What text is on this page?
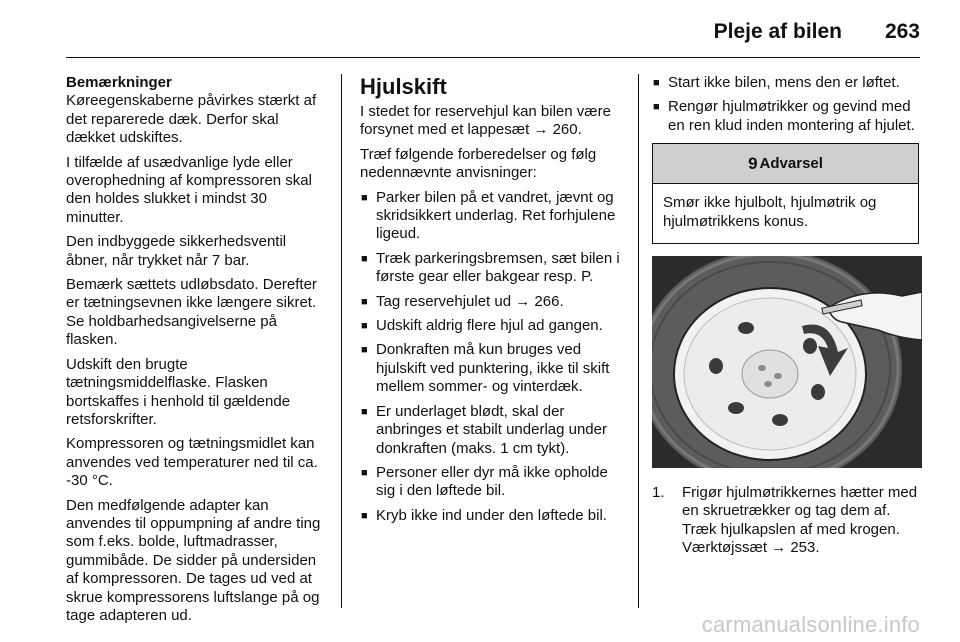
Pleje af bilen 263
Bemærkninger

Køreegenskaberne påvirkes stærkt af det reparerede dæk. Derfor skal dækket udskiftes.

I tilfælde af usædvanlige lyde eller overophedning af kompressoren skal den holdes slukket i mindst 30 minutter.

Den indbyggede sikkerhedsventil åbner, når trykket når 7 bar.

Bemærk sættets udløbsdato. Derefter er tætningsevnen ikke længere sikret. Se holdbarhedsangivelserne på flasken.

Udskift den brugte tætningsmiddelflaske. Flasken bortskaffes i henhold til gældende retsforskrifter.

Kompressoren og tætningsmidlet kan anvendes ved temperaturer ned til ca. -30 °C.

Den medfølgende adapter kan anvendes til oppumpning af andre ting som f.eks. bolde, luftmadrasser, gummibåde. De sidder på undersiden af kompressoren. De tages ud ved at skrue kompressorens luftslange på og tage adapteren ud.

Hjulskift

I stedet for reservehjul kan bilen være forsynet med et lappesæt → 260.

Træf følgende forberedelser og følg nedennævnte anvisninger:

■ Parker bilen på et vandret, jævnt og skridsikkert underlag. Ret forhjulene ligeud.
■ Træk parkeringsbremsen, sæt bilen i første gear eller bakgear resp. P.
■ Tag reservehjulet ud → 266.
■ Udskift aldrig flere hjul ad gangen.
■ Donkraften må kun bruges ved hjulskift ved punktering, ikke til skift mellem sommer- og vinterdæk.
■ Er underlaget blødt, skal der anbringes et stabilt underlag under donkraften (maks. 1 cm tykt).
■ Personer eller dyr må ikke opholde sig i den løftede bil.
■ Kryb ikke ind under den løftede bil.
■ Start ikke bilen, mens den er løftet.
■ Rengør hjulmøtrikker og gevind med en ren klud inden montering af hjulet.
9 Advarsel
Smør ikke hjulbolt, hjulmøtrik og hjulmøtrikkens konus.
1. Frigør hjulmøtrikkernes hætter med en skruetrækker og tag dem af. Træk hjulkapslen af med krogen. Værktøjssæt → 253.
carmanualsonline.info
